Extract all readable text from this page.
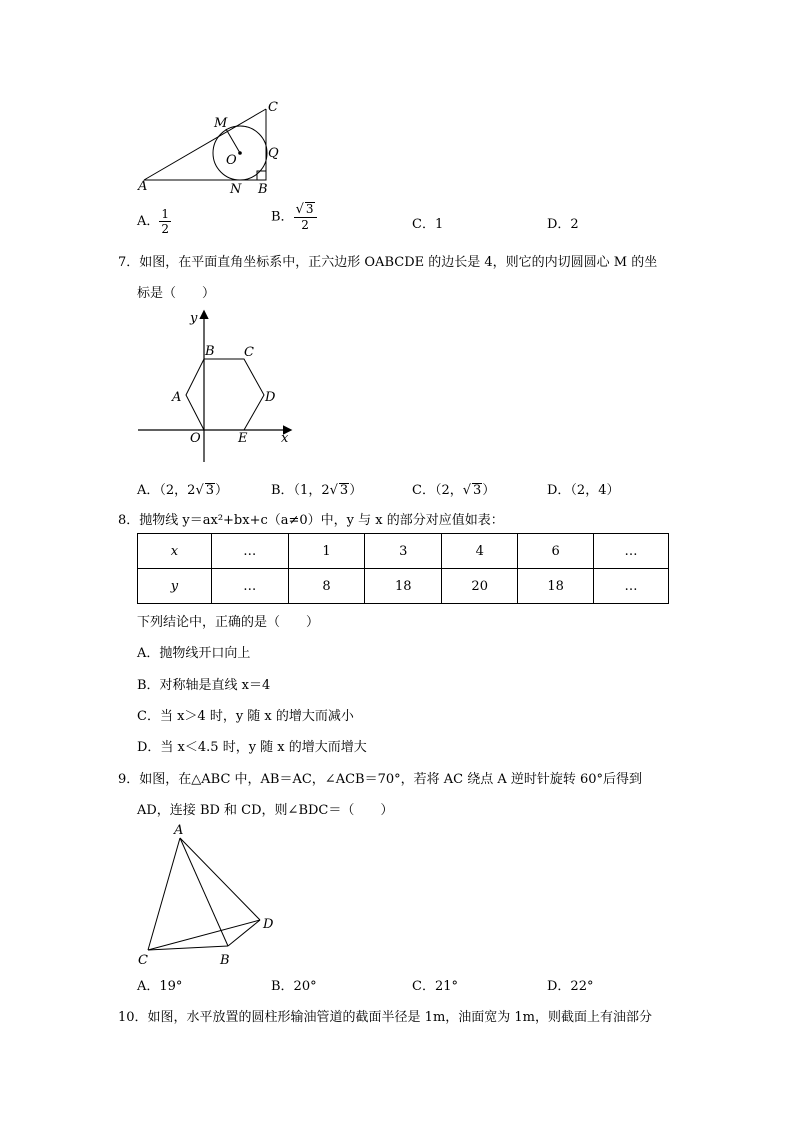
C
M
O Q
A	N B
A． $\frac{1}{2}$	B． $\frac{√ 3}{2}$	C．1	D．2
7．如图，在平面直角坐标系中，正六边形 OABCDE 的边长是 4，则它的内切圆圆心 M 的坐
标是（　　）
y
x
B C
A	D
O	E
A．（2，2√ 3）	B．（1，2√ 3）	C．（2，√ 3）	D．（2，4）
8．抛物线 y＝ax²+bx+c（a≠0）中，y 与 x 的部分对应值如表：
x	…	1	3	4	6	…
y	…	8	18	20	18	…
下列结论中，正确的是（　　）
A．抛物线开口向上
B．对称轴是直线 x＝4
C．当 x＞4 时，y 随 x 的增大而减小
D．当 x＜4.5 时，y 随 x 的增大而增大
9．如图，在△ABC 中，AB＝AC，∠ACB＝70°，若将 AC 绕点 A 逆时针旋转 60°后得到
AD，连接 BD 和 CD，则∠BDC＝（　　）
A
D
C	B
A．19°	B．20°	C．21°	D．22°
10．如图，水平放置的圆柱形输油管道的截面半径是 1m，油面宽为 1m，则截面上有油部分
